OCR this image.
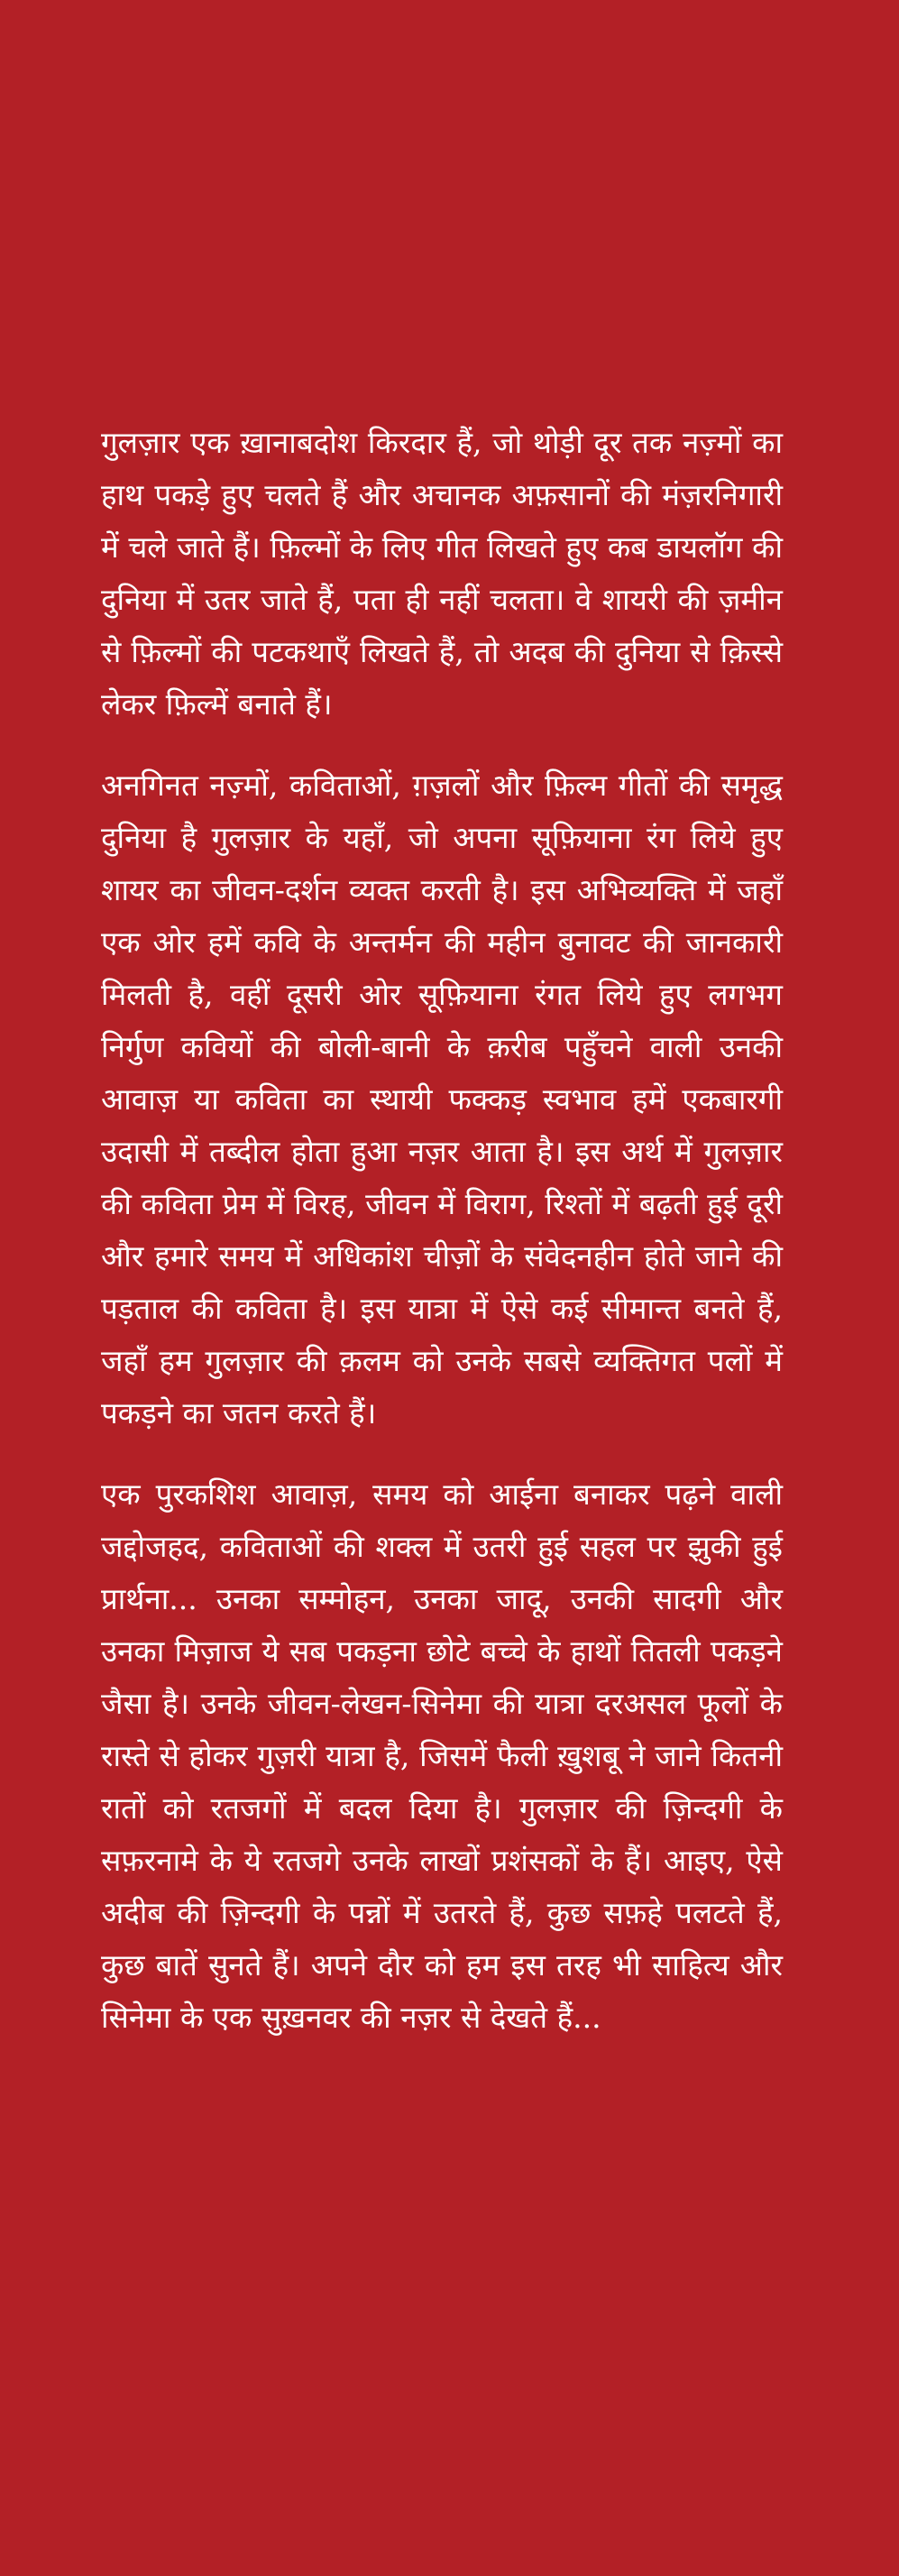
गुलज़ार एक ख़ानाबदोश किरदार हैं, जो थोड़ी दूर तक नज़्मों का हाथ पकड़े हुए चलते हैं और अचानक अफ़सानों की मंज़रनिगारी में चले जाते हैं। फ़िल्मों के लिए गीत लिखते हुए कब डायलॉग की दुनिया में उतर जाते हैं, पता ही नहीं चलता। वे शायरी की ज़मीन से फ़िल्मों की पटकथाएँ लिखते हैं, तो अदब की दुनिया से क़िस्से लेकर फ़िल्में बनाते हैं।

अनगिनत नज़्मों, कविताओं, ग़ज़लों और फ़िल्म गीतों की समृद्ध दुनिया है गुलज़ार के यहाँ, जो अपना सूफ़ियाना रंग लिये हुए शायर का जीवन-दर्शन व्यक्त करती है। इस अभिव्यक्ति में जहाँ एक ओर हमें कवि के अन्तर्मन की महीन बुनावट की जानकारी मिलती है, वहीं दूसरी ओर सूफ़ियाना रंगत लिये हुए लगभग निर्गुण कवियों की बोली-बानी के क़रीब पहुँचने वाली उनकी आवाज़ या कविता का स्थायी फक्कड़ स्वभाव हमें एकबारगी उदासी में तब्दील होता हुआ नज़र आता है। इस अर्थ में गुलज़ार की कविता प्रेम में विरह, जीवन में विराग, रिश्तों में बढ़ती हुई दूरी और हमारे समय में अधिकांश चीज़ों के संवेदनहीन होते जाने की पड़ताल की कविता है। इस यात्रा में ऐसे कई सीमान्त बनते हैं, जहाँ हम गुलज़ार की क़लम को उनके सबसे व्यक्तिगत पलों में पकड़ने का जतन करते हैं।

एक पुरकशिश आवाज़, समय को आईना बनाकर पढ़ने वाली जद्दोजहद, कविताओं की शक्ल में उतरी हुई सहल पर झुकी हुई प्रार्थना... उनका सम्मोहन, उनका जादू, उनकी सादगी और उनका मिज़ाज ये सब पकड़ना छोटे बच्चे के हाथों तितली पकड़ने जैसा है। उनके जीवन-लेखन-सिनेमा की यात्रा दरअसल फूलों के रास्ते से होकर गुज़री यात्रा है, जिसमें फैली ख़ुशबू ने जाने कितनी रातों को रतजगों में बदल दिया है। गुलज़ार की ज़िन्दगी के सफ़रनामे के ये रतजगे उनके लाखों प्रशंसकों के हैं। आइए, ऐसे अदीब की ज़िन्दगी के पन्नों में उतरते हैं, कुछ सफ़हे पलटते हैं, कुछ बातें सुनते हैं। अपने दौर को हम इस तरह भी साहित्य और सिनेमा के एक सुख़नवर की नज़र से देखते हैं...
